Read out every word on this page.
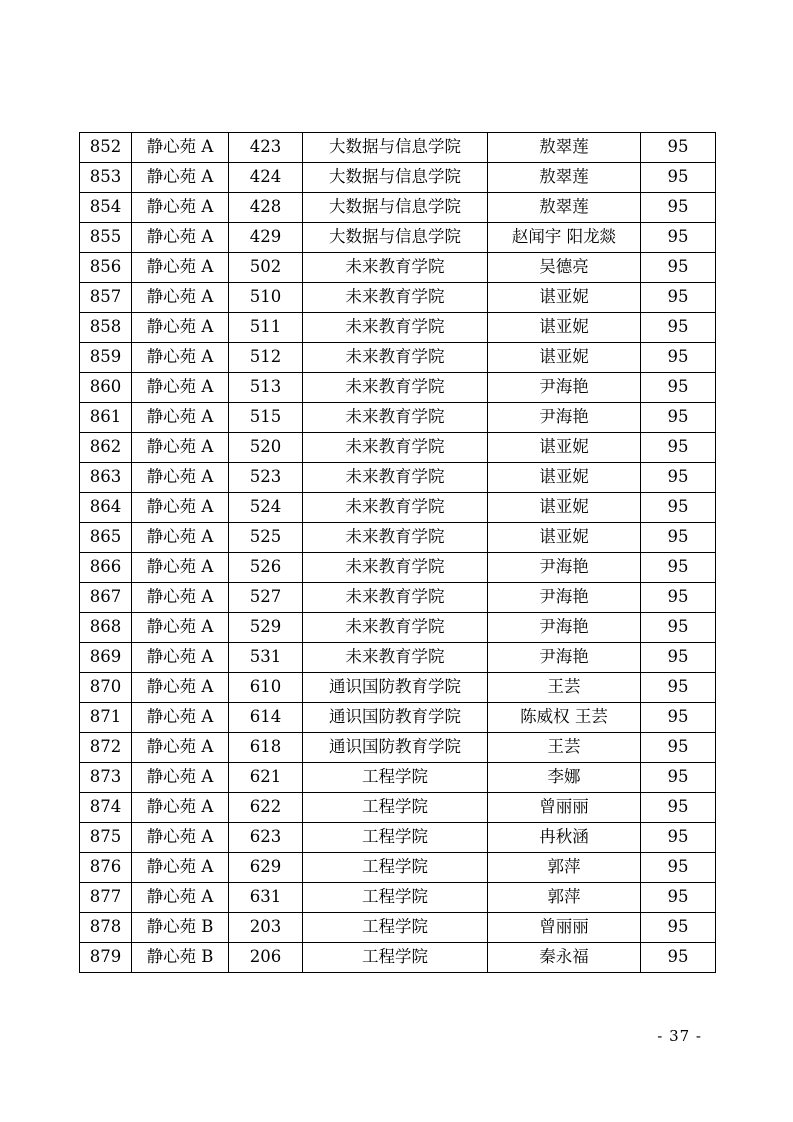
852	静心苑 A	423	大数据与信息学院	敖翠莲	95
853	静心苑 A	424	大数据与信息学院	敖翠莲	95
854	静心苑 A	428	大数据与信息学院	敖翠莲	95
855	静心苑 A	429	大数据与信息学院	赵闻宇 阳龙燚	95
856	静心苑 A	502	未来教育学院	吴德亮	95
857	静心苑 A	510	未来教育学院	谌亚妮	95
858	静心苑 A	511	未来教育学院	谌亚妮	95
859	静心苑 A	512	未来教育学院	谌亚妮	95
860	静心苑 A	513	未来教育学院	尹海艳	95
861	静心苑 A	515	未来教育学院	尹海艳	95
862	静心苑 A	520	未来教育学院	谌亚妮	95
863	静心苑 A	523	未来教育学院	谌亚妮	95
864	静心苑 A	524	未来教育学院	谌亚妮	95
865	静心苑 A	525	未来教育学院	谌亚妮	95
866	静心苑 A	526	未来教育学院	尹海艳	95
867	静心苑 A	527	未来教育学院	尹海艳	95
868	静心苑 A	529	未来教育学院	尹海艳	95
869	静心苑 A	531	未来教育学院	尹海艳	95
870	静心苑 A	610	通识国防教育学院	王芸	95
871	静心苑 A	614	通识国防教育学院	陈威权 王芸	95
872	静心苑 A	618	通识国防教育学院	王芸	95
873	静心苑 A	621	工程学院	李娜	95
874	静心苑 A	622	工程学院	曾丽丽	95
875	静心苑 A	623	工程学院	冉秋涵	95
876	静心苑 A	629	工程学院	郭萍	95
877	静心苑 A	631	工程学院	郭萍	95
878	静心苑 B	203	工程学院	曾丽丽	95
879	静心苑 B	206	工程学院	秦永福	95
- 37 -
